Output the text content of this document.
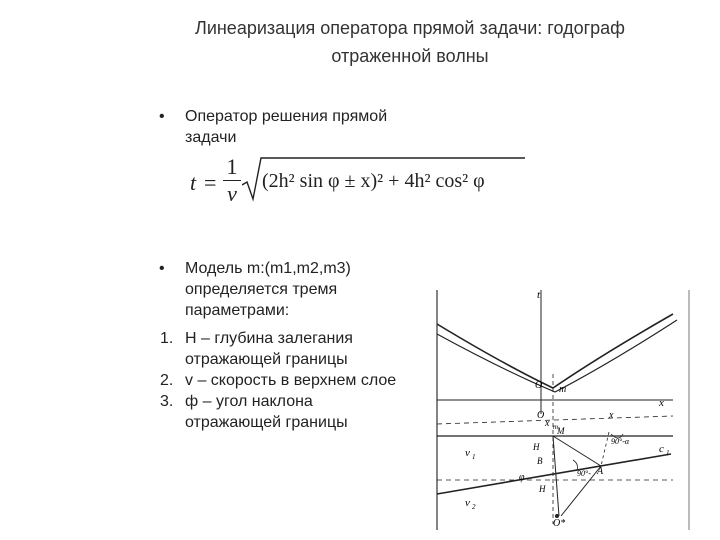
Линеаризация оператора прямой задачи: годограф
отраженной волны
• Оператор решения прямой
задачи
t =
1
v (2h² sin φ ± x)² + 4h² cos² φ
• Модель m:(m1,m2,m3)
определяется тремя
параметрами:
1. H – глубина залегания
отражающей границы
2. v – скорость в верхнем слое
3. ф – угол наклона
отражающей границы
t
x
O m
x
x m
O
M
c 1
90°-α
90°-
v 1
v 2
H
B
H
A
φ
O*
